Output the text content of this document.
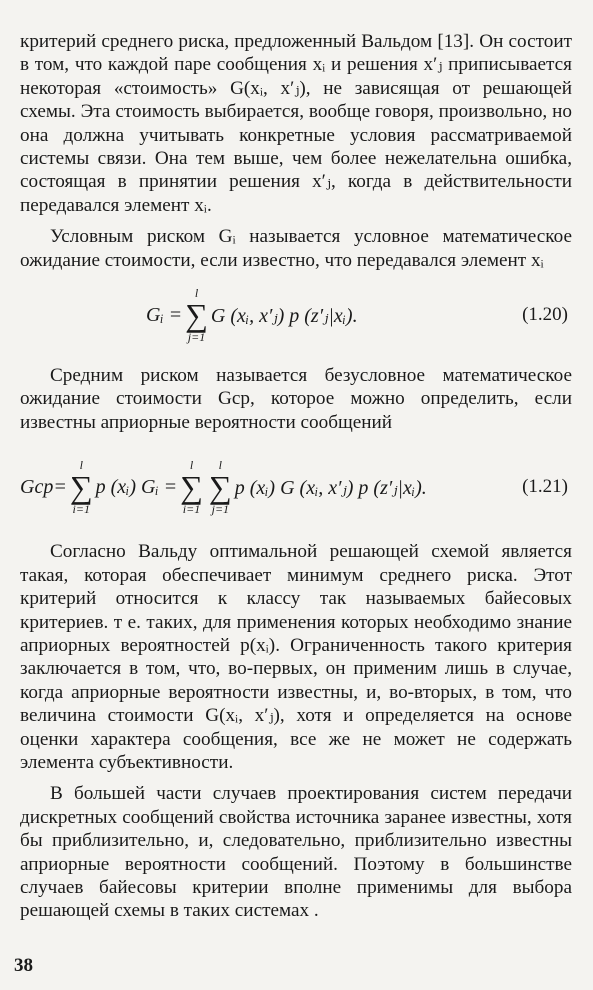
критерий среднего риска, предложенный Вальдом [13]. Он состоит в том, что каждой паре сообщения xᵢ и решения x′ⱼ приписывается некоторая «стоимость» G(xᵢ, x′ⱼ), не зависящая от решающей схемы. Эта стоимость выбирается, вообще говоря, произвольно, но она должна учитывать конкретные условия рассматриваемой системы связи. Она тем выше, чем более нежелательна ошибка, состоящая в принятии решения x′ⱼ, когда в действительности передавался элемент xᵢ.

Условным риском Gᵢ называется условное математическое ожидание стоимости, если известно, что передавался элемент xᵢ

Gᵢ =
l
∑
j=1
G (xᵢ, x′ⱼ) p (z′ⱼ|xᵢ).	(1.20)

Средним риском называется безусловное математическое ожидание стоимости Gср, которое можно определить, если известны априорные вероятности сообщений

Gср=
l
∑
i=1
p (xᵢ) Gᵢ =
l
∑
i=1
l
∑
j=1
p (xᵢ) G (xᵢ, x′ⱼ) p (z′ⱼ|xᵢ).	(1.21)

Согласно Вальду оптимальной решающей схемой является такая, которая обеспечивает минимум среднего риска. Этот критерий относится к классу так называемых байесовых критериев. т е. таких, для применения которых необходимо знание априорных вероятностей p(xᵢ). Ограниченность такого критерия заключается в том, что, во-первых, он применим лишь в случае, когда априорные вероятности известны, и, во-вторых, в том, что величина стоимости G(xᵢ, x′ⱼ), хотя и определяется на основе оценки характера сообщения, все же не может не содержать элемента субъективности.

В большей части случаев проектирования систем передачи дискретных сообщений свойства источника заранее известны, хотя бы приблизительно, и, следовательно, приблизительно известны априорные вероятности сообщений. Поэтому в большинстве случаев байесовы критерии вполне применимы для выбора решающей схемы в таких системах .

38
